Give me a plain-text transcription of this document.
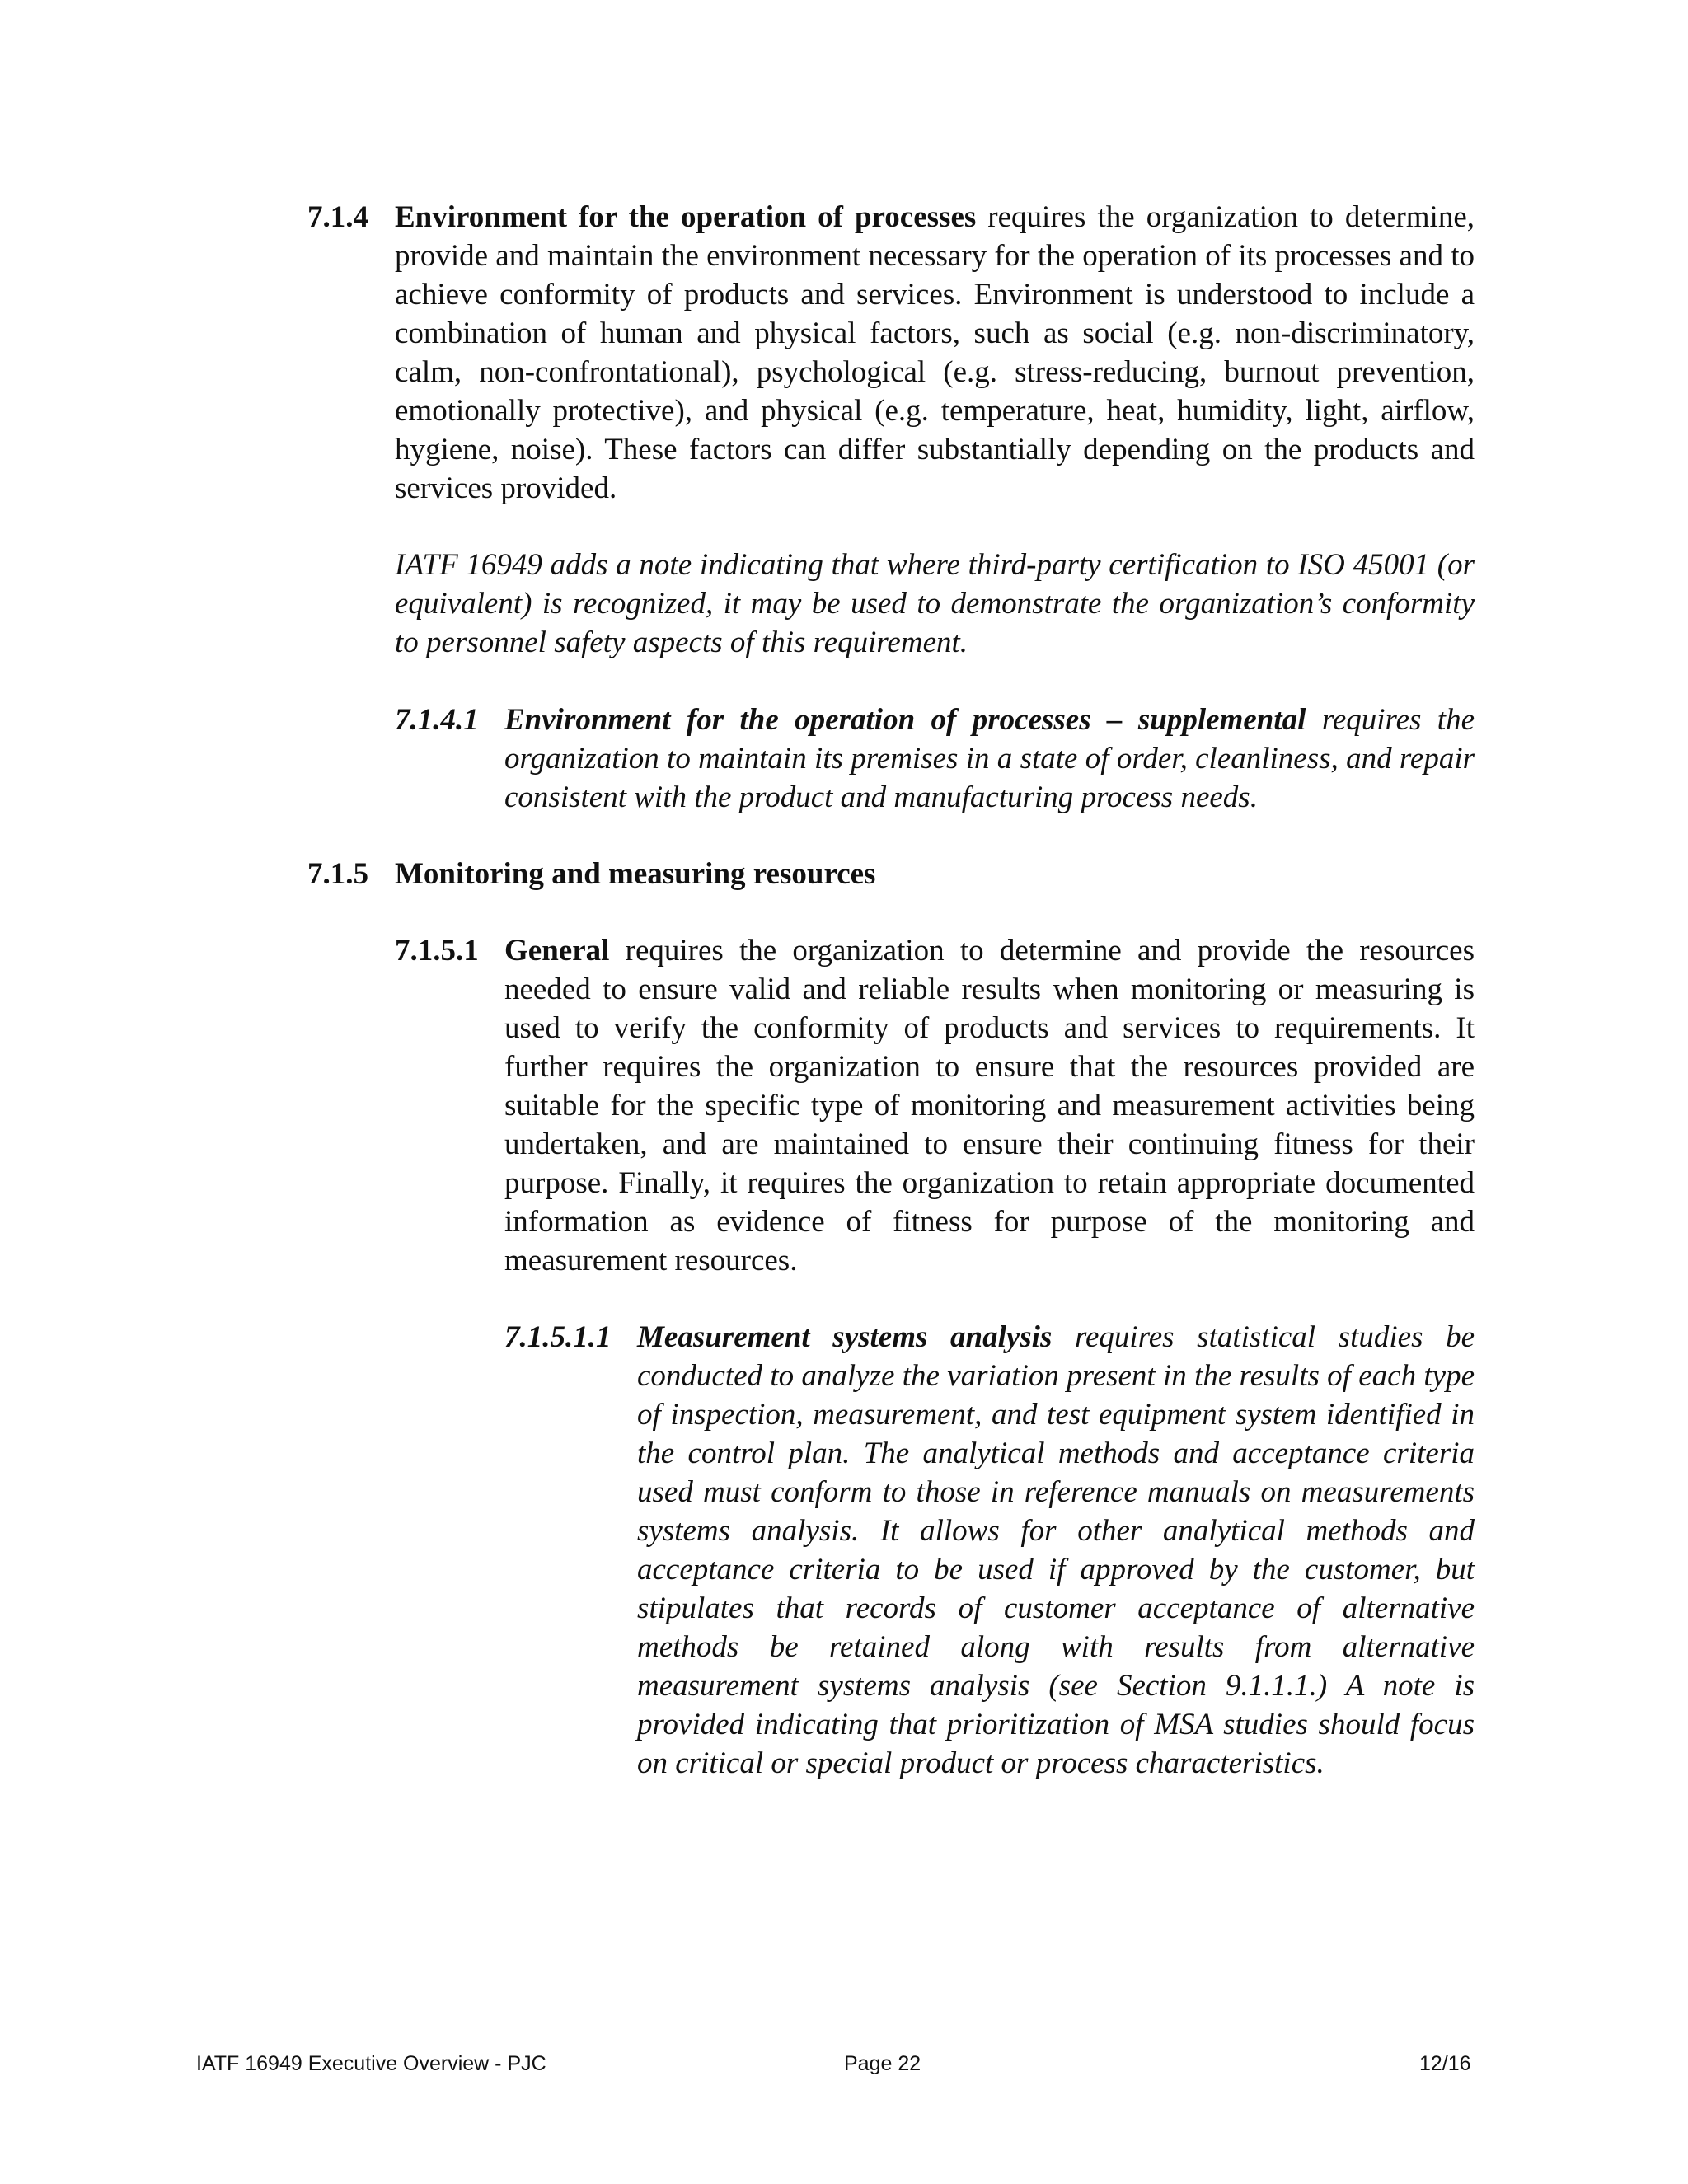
7.1.4 Environment for the operation of processes requires the organization to determine, provide and maintain the environment necessary for the operation of its processes and to achieve conformity of products and services. Environment is understood to include a combination of human and physical factors, such as social (e.g. non-discriminatory, calm, non-confrontational), psychological (e.g. stress-reducing, burnout prevention, emotionally protective), and physical (e.g. temperature, heat, humidity, light, airflow, hygiene, noise). These factors can differ substantially depending on the products and services provided.
IATF 16949 adds a note indicating that where third-party certification to ISO 45001 (or equivalent) is recognized, it may be used to demonstrate the organization’s conformity to personnel safety aspects of this requirement.
7.1.4.1 Environment for the operation of processes – supplemental requires the organization to maintain its premises in a state of order, cleanliness, and repair consistent with the product and manufacturing process needs.
7.1.5 Monitoring and measuring resources
7.1.5.1 General requires the organization to determine and provide the resources needed to ensure valid and reliable results when monitoring or measuring is used to verify the conformity of products and services to requirements. It further requires the organization to ensure that the resources provided are suitable for the specific type of monitoring and measurement activities being undertaken, and are maintained to ensure their continuing fitness for their purpose. Finally, it requires the organization to retain appropriate documented information as evidence of fitness for purpose of the monitoring and measurement resources.
7.1.5.1.1 Measurement systems analysis requires statistical studies be conducted to analyze the variation present in the results of each type of inspection, measurement, and test equipment system identified in the control plan. The analytical methods and acceptance criteria used must conform to those in reference manuals on measurements systems analysis. It allows for other analytical methods and acceptance criteria to be used if approved by the customer, but stipulates that records of customer acceptance of alternative methods be retained along with results from alternative measurement systems analysis (see Section 9.1.1.1.) A note is provided indicating that prioritization of MSA studies should focus on critical or special product or process characteristics.
IATF 16949 Executive Overview - PJC	Page 22	12/16
